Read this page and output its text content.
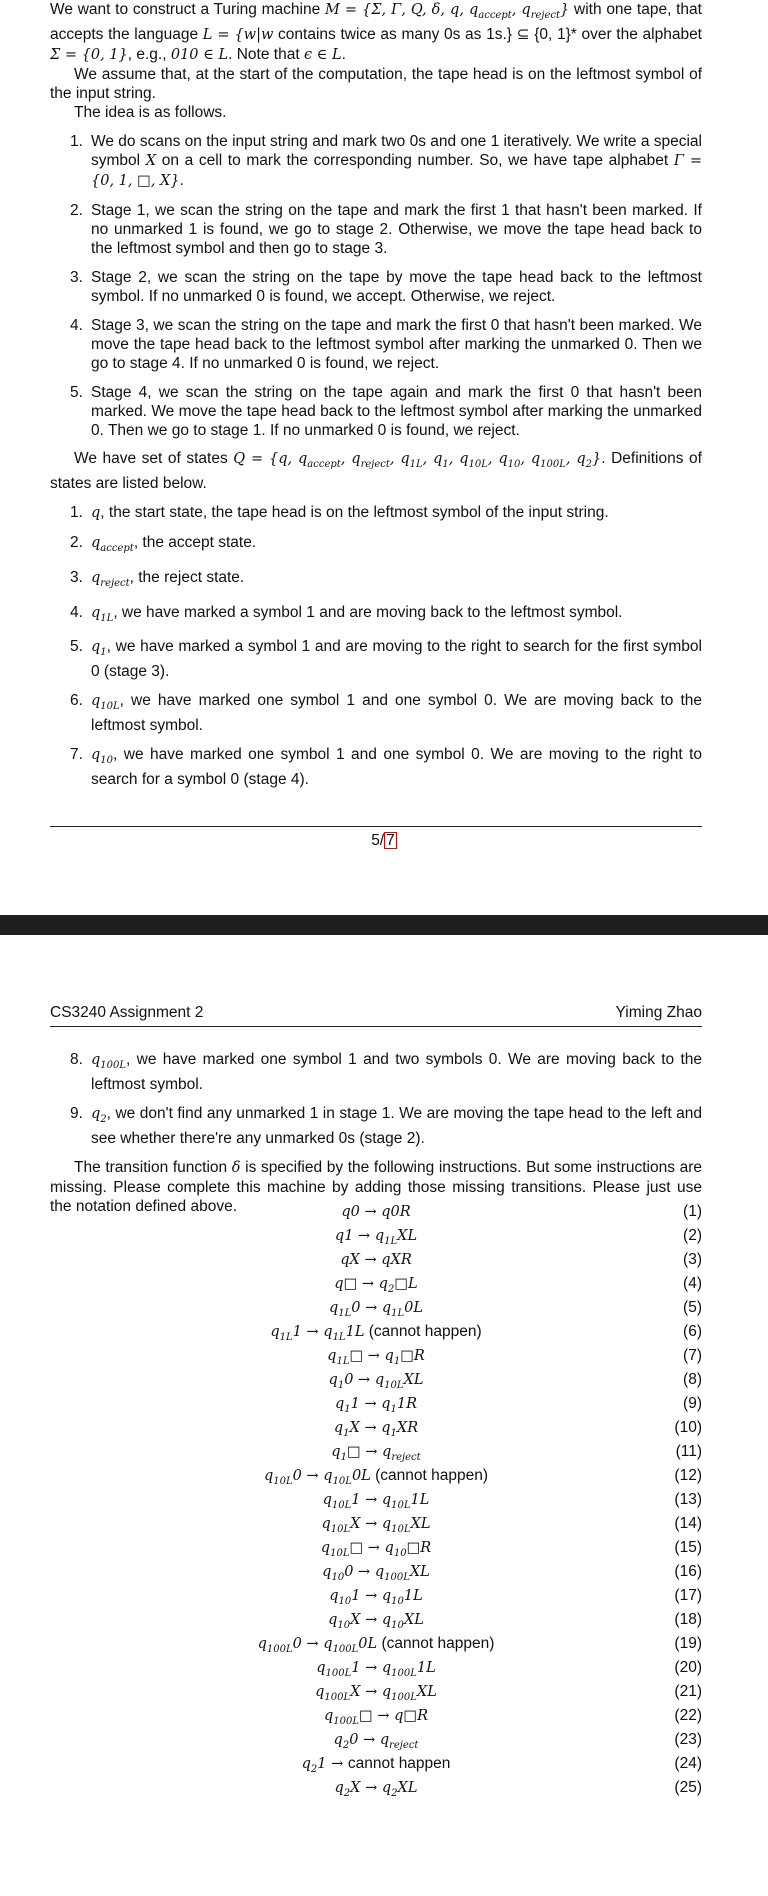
We want to construct a Turing machine M = {Σ, Γ, Q, δ, q, $q_{accept}$, $q_{reject}$} with one tape, that accepts the language L = {w|w contains twice as many 0s as 1s.} ⊆ {0, 1}* over the alphabet Σ = {0, 1}, e.g., 010 ∈ L. Note that ϵ ∈ L.

We assume that, at the start of the computation, the tape head is on the leftmost symbol of the input string.

The idea is as follows.

1. We do scans on the input string and mark two 0s and one 1 iteratively. We write a special symbol X on a cell to mark the corresponding number. So, we have tape alphabet Γ = {0, 1, □, X}.
2. Stage 1, we scan the string on the tape and mark the first 1 that hasn't been marked. If no unmarked 1 is found, we go to stage 2. Otherwise, we move the tape head back to the leftmost symbol and then go to stage 3.
3. Stage 2, we scan the string on the tape by move the tape head back to the leftmost symbol. If no unmarked 0 is found, we accept. Otherwise, we reject.
4. Stage 3, we scan the string on the tape and mark the first 0 that hasn't been marked. We move the tape head back to the leftmost symbol after marking the unmarked 0. Then we go to stage 4. If no unmarked 0 is found, we reject.
5. Stage 4, we scan the string on the tape again and mark the first 0 that hasn't been marked. We move the tape head back to the leftmost symbol after marking the unmarked 0. Then we go to stage 1. If no unmarked 0 is found, we reject.

We have set of states Q = {q, $q_{accept}$, $q_{reject}$, $q_{1L}$, $q_1$, $q_{10L}$, $q_{10}$, $q_{100L}$, $q_2$}. Definitions of states are listed below.

1. q, the start state, the tape head is on the leftmost symbol of the input string.
2. $q_{accept}$, the accept state.
3. $q_{reject}$, the reject state.
4. $q_{1L}$, we have marked a symbol 1 and are moving back to the leftmost symbol.
5. $q_1$, we have marked a symbol 1 and are moving to the right to search for the first symbol 0 (stage 3).
6. $q_{10L}$, we have marked one symbol 1 and one symbol 0. We are moving back to the leftmost symbol.
7. $q_{10}$, we have marked one symbol 1 and one symbol 0. We are moving to the right to search for a symbol 0 (stage 4).
5/ 7
CS3240 Assignment 2	Yiming Zhao
8. $q_{100L}$, we have marked one symbol 1 and two symbols 0. We are moving back to the leftmost symbol.
9. $q_2$, we don't find any unmarked 1 in stage 1. We are moving the tape head to the left and see whether there're any unmarked 0s (stage 2).

The transition function δ is specified by the following instructions. But some instructions are missing. Please complete this machine by adding those missing transitions. Please just use the notation defined above.	q0 → q0R	(1)
$q1 \to q_{1L}XL$	(2)
qX → qXR	(3)
q□ → $q_2□L$	(4)
$q_{1L}0 \to q_{1L}0L$	(5)
$q_{1L}1 \to q_{1L}1L$ (cannot happen)	(6)
$q_{1L}□$ → $q_1□R$	(7)
$q_10 \to q_{10L}XL$	(8)
$q_11 \to q_11R$	(9)
$q_1X \to q_1XR$	(10)
$q_1□ \to q_{reject}$	(11)
$q_{10L}0 \to q_{10L}0L$ (cannot happen)	(12)
$q_{10L}1 \to q_{10L}1L$	(13)
$q_{10L}X \to q_{10L}XL$	(14)
$q_{10L}□$ → $q_{10}□R$	(15)
$q_{10}0 \to q_{100L}XL$	(16)
$q_{10}1 \to q_{10}1L$	(17)
$q_{10}X \to q_{10}XL$	(18)
$q_{100L}0 \to q_{100L}0L$ (cannot happen)	(19)
$q_{100L}1 \to q_{100L}1L$	(20)
$q_{100L}X \to q_{100L}XL$	(21)
$q_{100L}□$ → q□R	(22)
$q_20 \to q_{reject}$	(23)
$q_21$ → cannot happen	(24)
$q_2X \to q_2XL$	(25)
